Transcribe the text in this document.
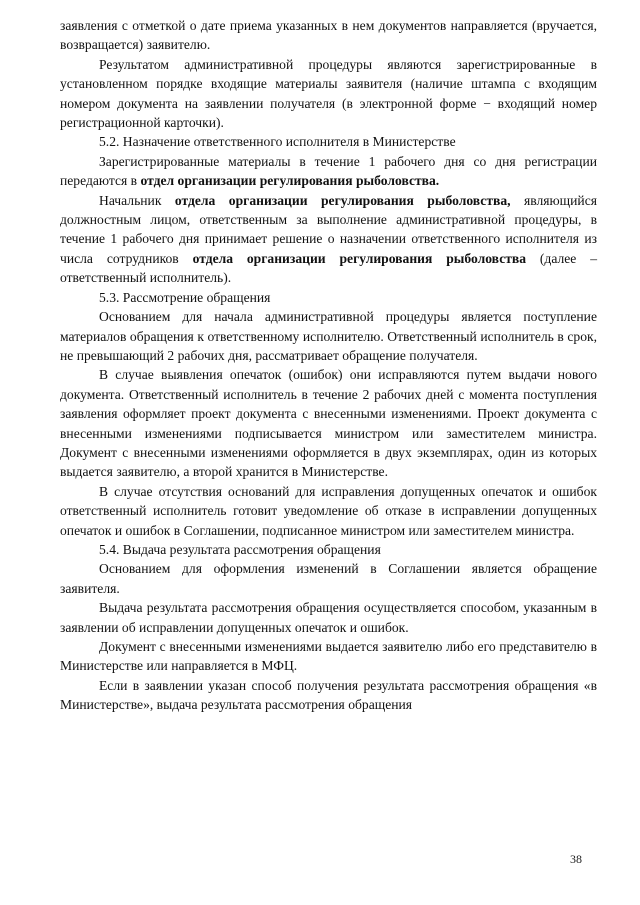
заявления с отметкой о дате приема указанных в нем документов направляется (вручается, возвращается) заявителю.

Результатом административной процедуры являются зарегистрированные в установленном порядке входящие материалы заявителя (наличие штампа с входящим номером документа на заявлении получателя (в электронной форме − входящий номер регистрационной карточки).

5.2. Назначение ответственного исполнителя в Министерстве

Зарегистрированные материалы в течение 1 рабочего дня со дня регистрации передаются в отдел организации регулирования рыболовства.

Начальник отдела организации регулирования рыболовства, являющийся должностным лицом, ответственным за выполнение административной процедуры, в течение 1 рабочего дня принимает решение о назначении ответственного исполнителя из числа сотрудников отдела организации регулирования рыболовства (далее – ответственный исполнитель).

5.3. Рассмотрение обращения

Основанием для начала административной процедуры является поступление материалов обращения к ответственному исполнителю. Ответственный исполнитель в срок, не превышающий 2 рабочих дня, рассматривает обращение получателя.

В случае выявления опечаток (ошибок) они исправляются путем выдачи нового документа. Ответственный исполнитель в течение 2 рабочих дней с момента поступления заявления оформляет проект документа с внесенными изменениями. Проект документа с внесенными изменениями подписывается министром или заместителем министра. Документ с внесенными изменениями оформляется в двух экземплярах, один из которых выдается заявителю, а второй хранится в Министерстве.

В случае отсутствия оснований для исправления допущенных опечаток и ошибок ответственный исполнитель готовит уведомление об отказе в исправлении допущенных опечаток и ошибок в Соглашении, подписанное министром или заместителем министра.

5.4. Выдача результата рассмотрения обращения

Основанием для оформления изменений в Соглашении является обращение заявителя.

Выдача результата рассмотрения обращения осуществляется способом, указанным в заявлении об исправлении допущенных опечаток и ошибок.

Документ с внесенными изменениями выдается заявителю либо его представителю в Министерстве или направляется в МФЦ.

Если в заявлении указан способ получения результата рассмотрения обращения «в Министерстве», выдача результата рассмотрения обращения

38
